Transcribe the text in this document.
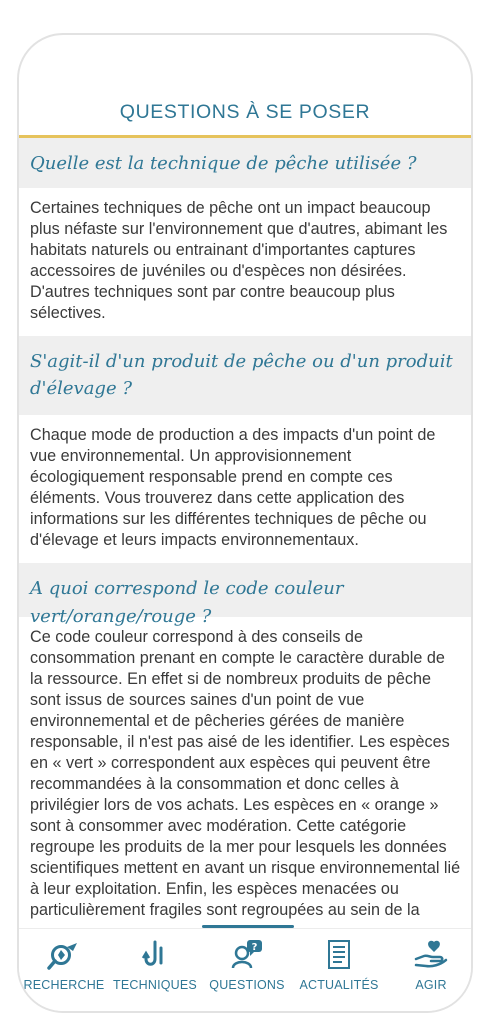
QUESTIONS À SE POSER
Quelle est la technique de pêche utilisée ?
Certaines techniques de pêche ont un impact beaucoup plus néfaste sur l'environnement que d'autres, abimant les habitats naturels ou entrainant d'importantes captures accessoires de juvéniles ou d'espèces non désirées. D'autres techniques sont par contre beaucoup plus sélectives.
S'agit-il d'un produit de pêche ou d'un produit d'élevage ?
Chaque mode de production a des impacts d'un point de vue environnemental. Un approvisionnement écologiquement responsable prend en compte ces éléments. Vous trouverez dans cette application des informations sur les différentes techniques de pêche ou d'élevage et leurs impacts environnementaux.
A quoi correspond le code couleur vert/orange/rouge ?
Ce code couleur correspond à des conseils de consommation prenant en compte le caractère durable de la ressource. En effet si de nombreux produits de pêche sont issus de sources saines d'un point de vue environnemental et de pêcheries gérées de manière responsable, il n'est pas aisé de les identifier. Les espèces en « vert » correspondent aux espèces qui peuvent être recommandées à la consommation et donc celles à privilégier lors de vos achats. Les espèces en « orange » sont à consommer avec modération. Cette catégorie regroupe les produits de la mer pour lesquels les données scientifiques mettent en avant un risque environnemental lié à leur exploitation. Enfin, les espèces menacées ou particulièrement fragiles sont regroupées au sein de la
RECHERCHE TECHNIQUES
?
QUESTIONS	ACTUALITÉS	AGIR
